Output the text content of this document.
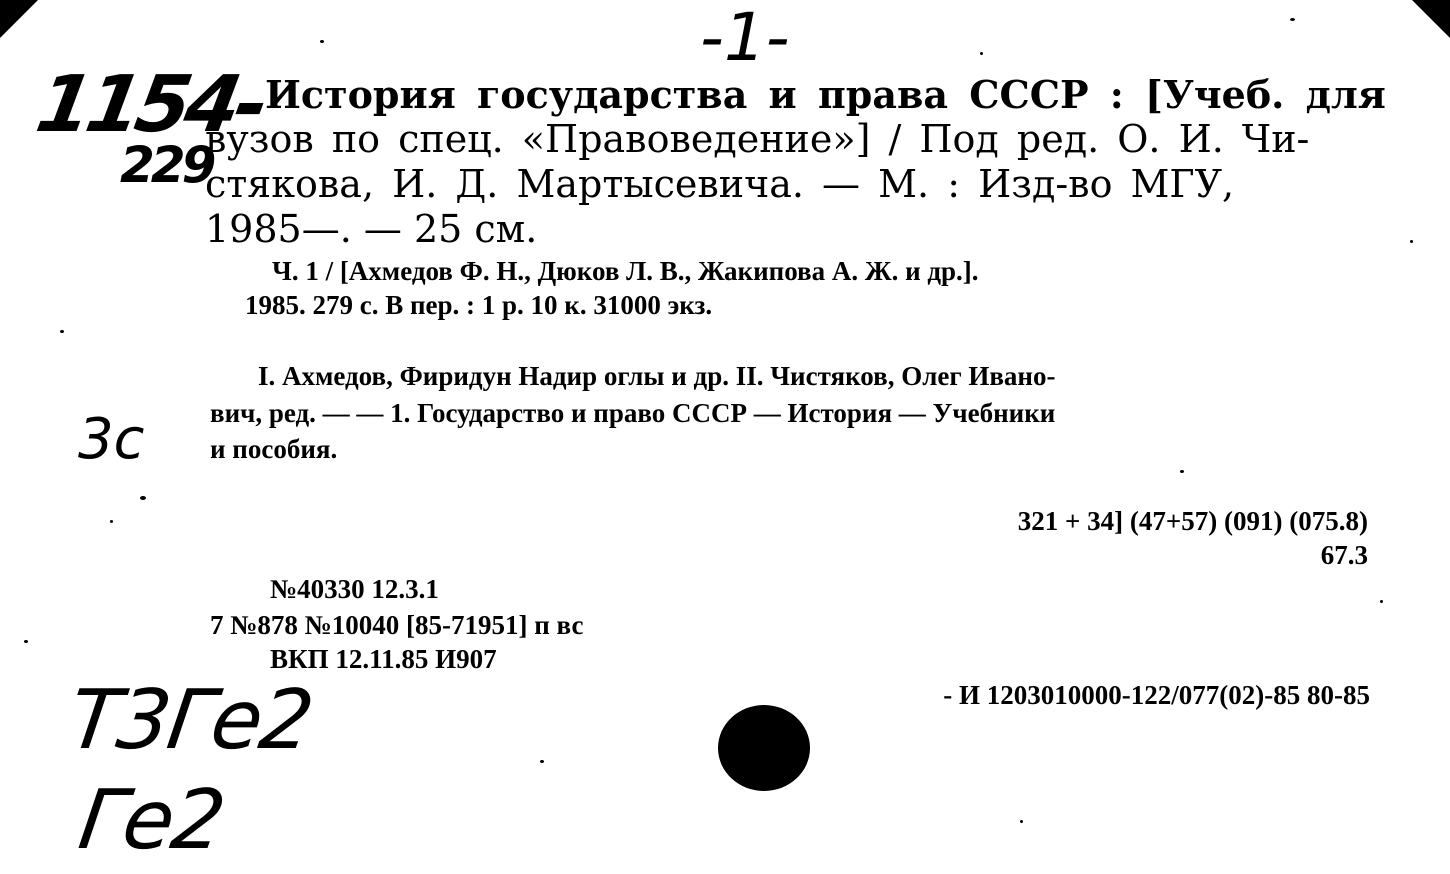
-1-
1154-
229
3c
Т3Ге2
Ге2
История государства и права СССР : [Учеб. для
вузов по спец. «Правоведение»] / Под ред. О. И. Чи-
стякова, И. Д. Мартысевича. — М. : Изд-во МГУ,
1985—. — 25 см.
Ч. 1 / [Ахмедов Ф. Н., Дюков Л. В., Жакипова А. Ж. и др.].
1985. 279 с. В пер. : 1 р. 10 к. 31000 экз.
I. Ахмедов, Фиридун Надир оглы и др. II. Чистяков, Олег Ивано-
вич, ред. — — 1. Государство и право СССР — История — Учебники
и пособия.
321 + 34] (47+57) (091) (075.8)
67.3
№40330 12.3.1
7 №878 №10040 [85-71951] п вс
ВКП 12.11.85 И907
- И 1203010000-122/077(02)-85 80-85
